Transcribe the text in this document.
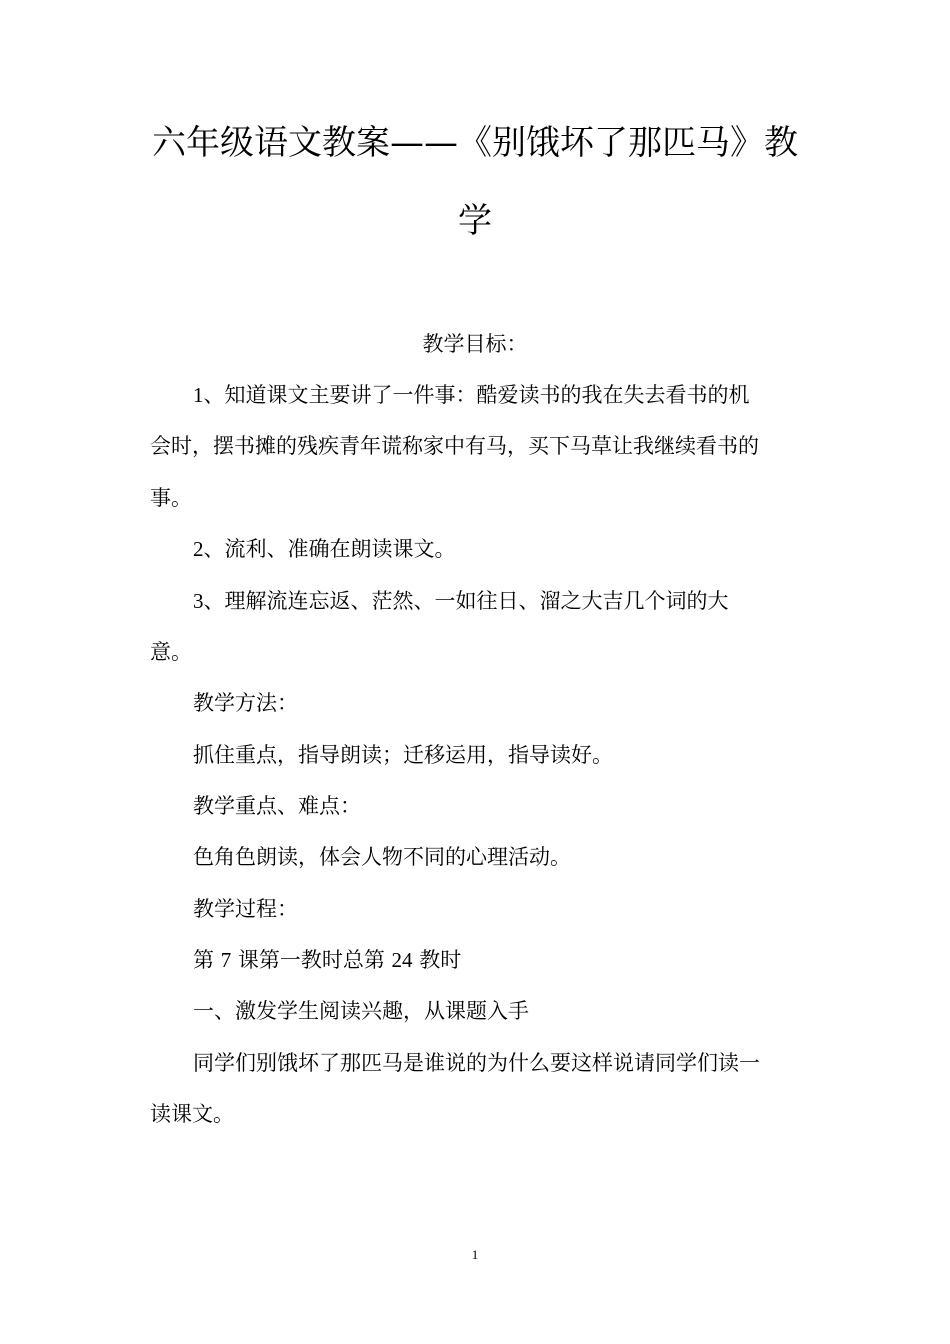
六年级语文教案——《别饿坏了那匹马》教
学

教学目标：

1、知道课文主要讲了一件事：酷爱读书的我在失去看书的机

会时，摆书摊的残疾青年谎称家中有马，买下马草让我继续看书的

事。

2、流利、准确在朗读课文。

3、理解流连忘返、茫然、一如往日、溜之大吉几个词的大

意。

教学方法：

抓住重点，指导朗读；迁移运用，指导读好。

教学重点、难点：

色角色朗读，体会人物不同的心理活动。

教学过程：

第 7 课第一教时总第 24 教时

一、激发学生阅读兴趣，从课题入手

同学们别饿坏了那匹马是谁说的为什么要这样说请同学们读一

读课文。

1
